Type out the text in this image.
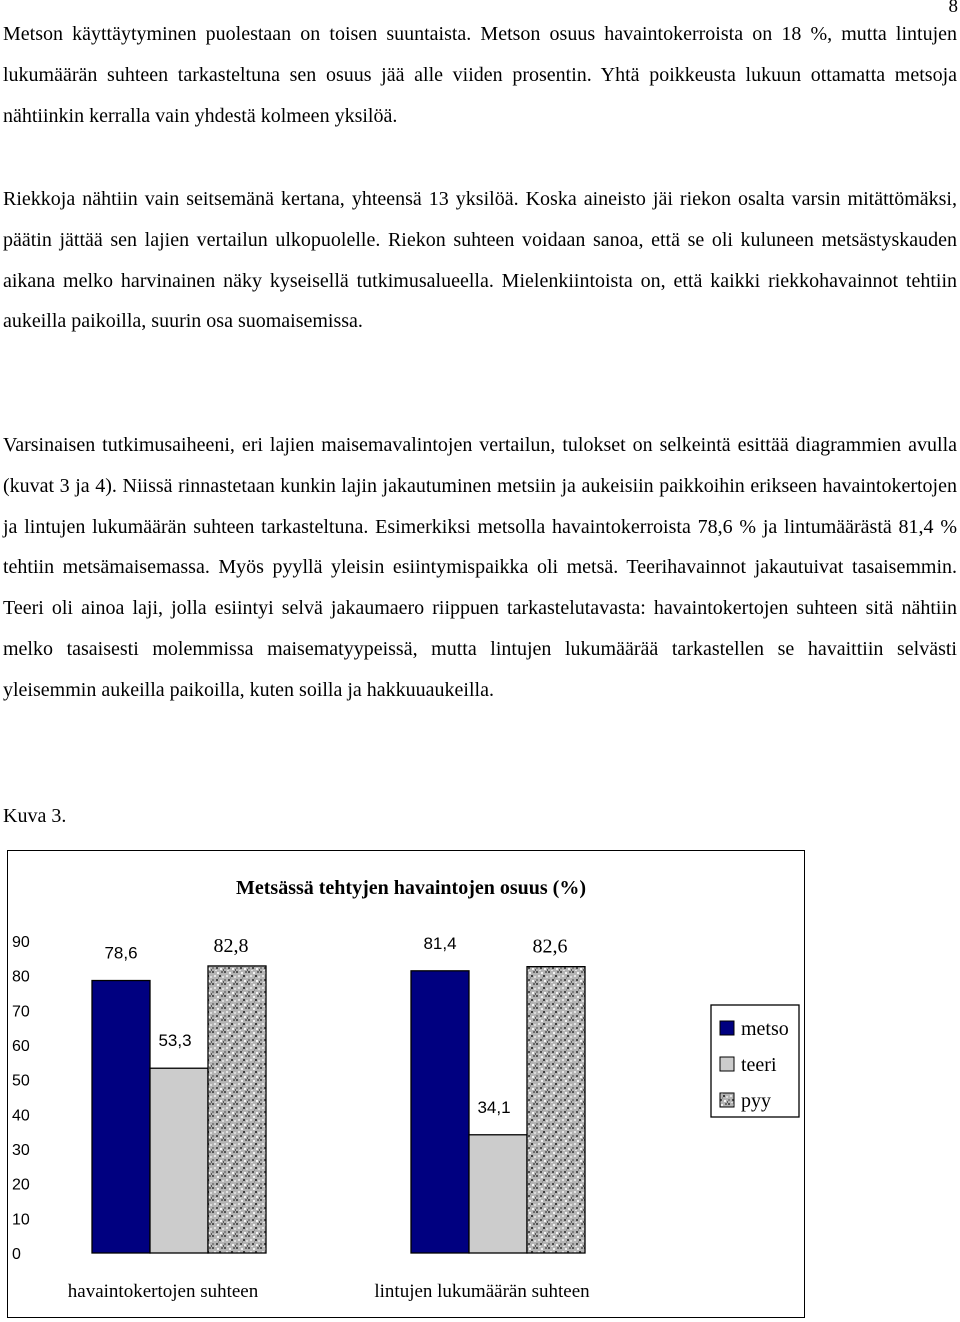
8

Metson käyttäytyminen puolestaan on toisen suuntaista. Metson osuus havaintokerroista on 18 %, mutta lintujen lukumäärän suhteen tarkasteltuna sen osuus jää alle viiden prosentin. Yhtä poikkeusta lukuun ottamatta metsoja nähtiinkin kerralla vain yhdestä kolmeen yksilöä.

Riekkoja nähtiin vain seitsemänä kertana, yhteensä 13 yksilöä. Koska aineisto jäi riekon osalta varsin mitättömäksi, päätin jättää sen lajien vertailun ulkopuolelle. Riekon suhteen voidaan sanoa, että se oli kuluneen metsästyskauden aikana melko harvinainen näky kyseisellä tutkimusalueella. Mielenkiintoista on, että kaikki riekkohavainnot tehtiin aukeilla paikoilla, suurin osa suomaisemissa.

Varsinaisen tutkimusaiheeni, eri lajien maisemavalintojen vertailun, tulokset on selkeintä esittää diagrammien avulla (kuvat 3 ja 4). Niissä rinnastetaan kunkin lajin jakautuminen metsiin ja aukeisiin paikkoihin erikseen havaintokertojen ja lintujen lukumäärän suhteen tarkasteltuna. Esimerkiksi metsolla havaintokerroista 78,6 % ja lintumäärästä 81,4 % tehtiin metsämaisemassa. Myös pyyllä yleisin esiintymispaikka oli metsä. Teerihavainnot jakautuivat tasaisemmin. Teeri oli ainoa laji, jolla esiintyi selvä jakaumaero riippuen tarkastelutavasta: havaintokertojen suhteen sitä nähtiin melko tasaisesti molemmissa maisematyypeissä, mutta lintujen lukumäärää tarkastellen se havaittiin selvästi yleisemmin aukeilla paikoilla, kuten soilla ja hakkuuaukeilla.

Kuva 3.
Metsässä tehtyjen havaintojen osuus (%)
0
10
20
30
40
50
60
70
80
90
78,6
53,3
82,8	81,4
34,1
82,6
havaintokertojen suhteen	lintujen lukumäärän suhteen
metso
teeri
pyy
